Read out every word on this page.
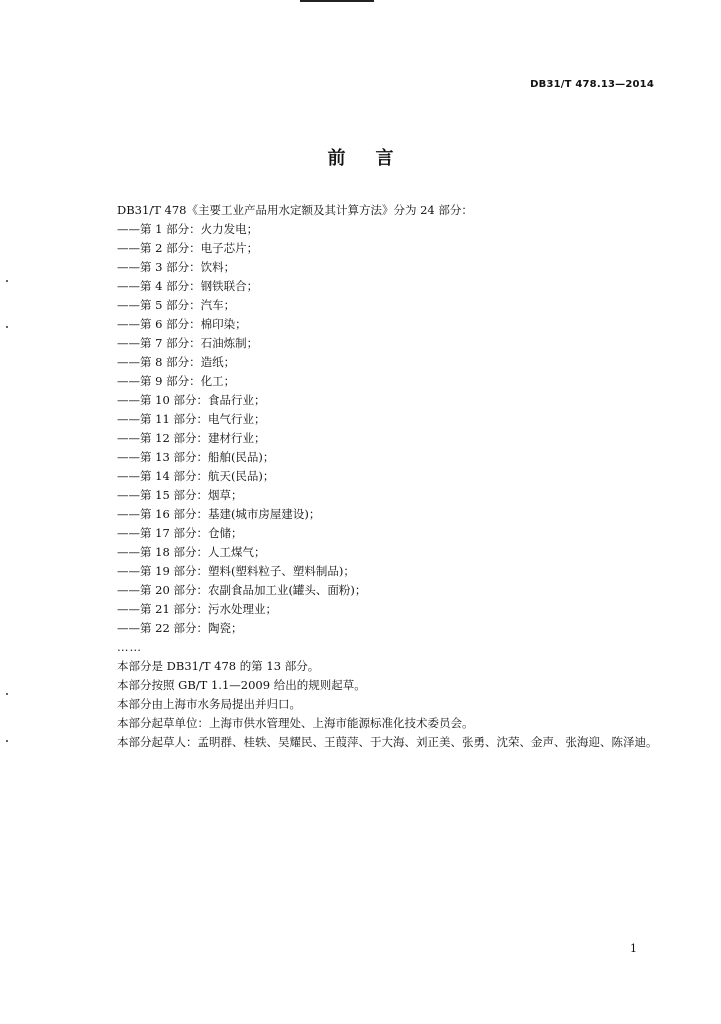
DB31/T 478.13—2014
前言
DB31/T 478《主要工业产品用水定额及其计算方法》分为 24 部分：
——第 1 部分：火力发电；
——第 2 部分：电子芯片；
——第 3 部分：饮料；
——第 4 部分：钢铁联合；
——第 5 部分：汽车；
——第 6 部分：棉印染；
——第 7 部分：石油炼制；
——第 8 部分：造纸；
——第 9 部分：化工；
——第 10 部分：食品行业；
——第 11 部分：电气行业；
——第 12 部分：建材行业；
——第 13 部分：船舶(民品)；
——第 14 部分：航天(民品)；
——第 15 部分：烟草；
——第 16 部分：基建(城市房屋建设)；
——第 17 部分：仓储；
——第 18 部分：人工煤气；
——第 19 部分：塑料(塑料粒子、塑料制品)；
——第 20 部分：农副食品加工业(罐头、面粉)；
——第 21 部分：污水处理业；
——第 22 部分：陶瓷；
……
本部分是 DB31/T 478 的第 13 部分。
本部分按照 GB/T 1.1—2009 给出的规则起草。
本部分由上海市水务局提出并归口。
本部分起草单位：上海市供水管理处、上海市能源标准化技术委员会。
本部分起草人：孟明群、桂轶、吴耀民、王葭萍、于大海、刘正美、张勇、沈荣、金声、张海迎、陈泽迪。
1
